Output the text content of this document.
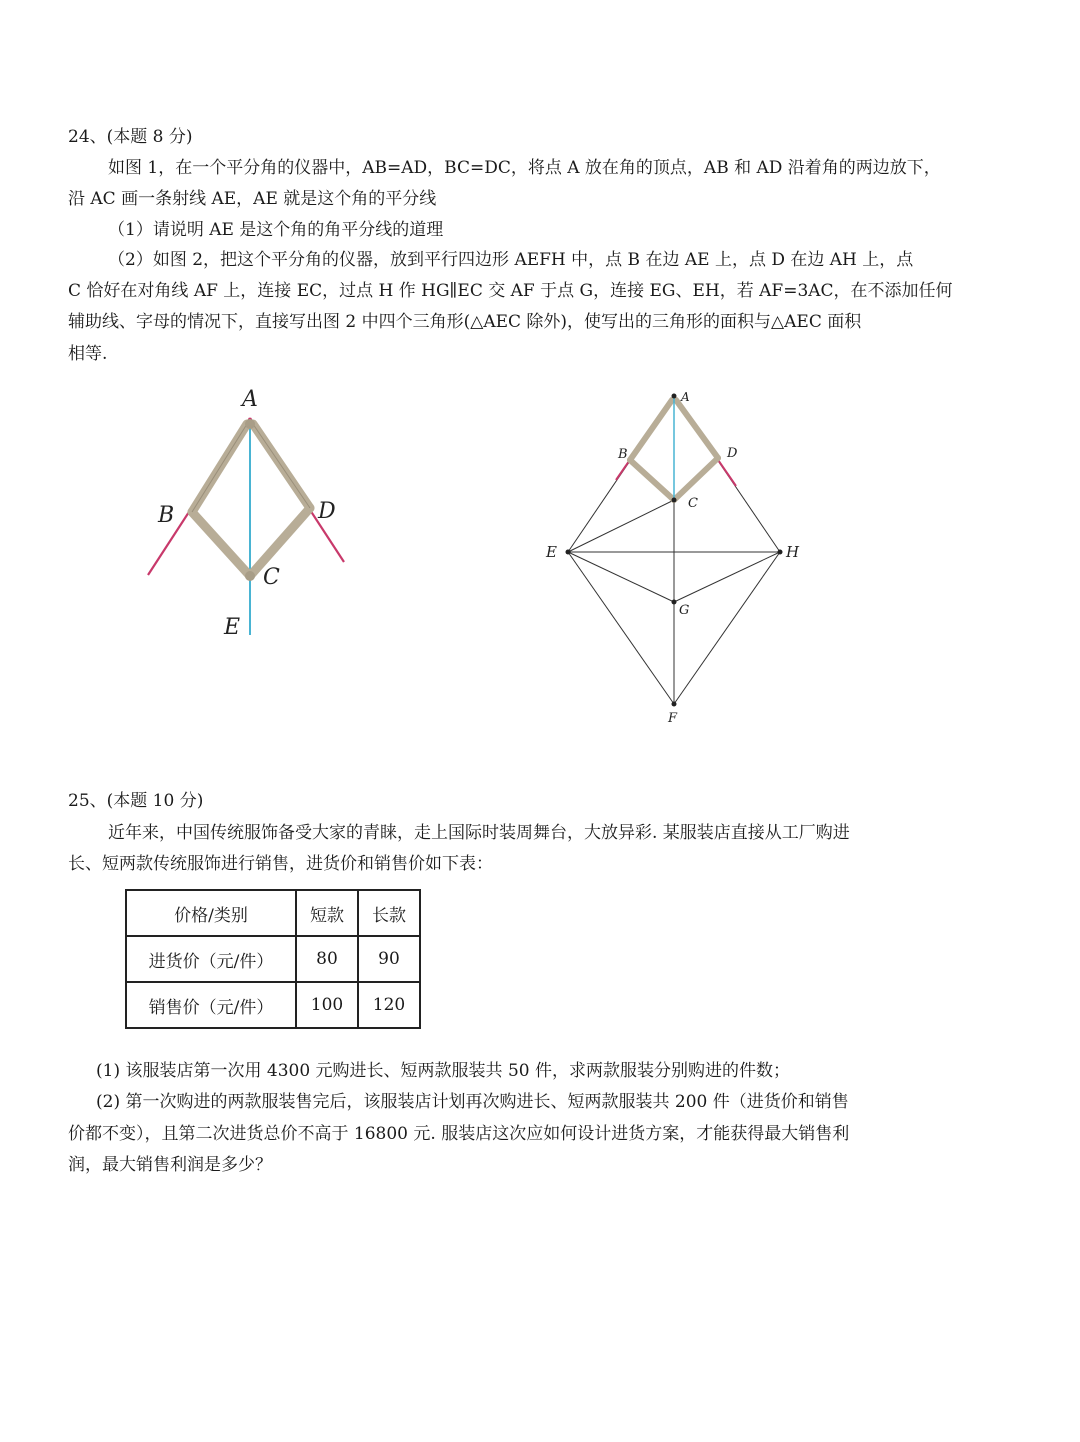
24、(本题 8 分)
如图 1，在一个平分角的仪器中，AB=AD，BC=DC，将点 A 放在角的顶点，AB 和 AD 沿着角的两边放下，
沿 AC 画一条射线 AE，AE 就是这个角的平分线
（1）请说明 AE 是这个角的角平分线的道理
（2）如图 2，把这个平分角的仪器，放到平行四边形 AEFH 中，点 B 在边 AE 上，点 D 在边 AH 上，点
C 恰好在对角线 AF 上，连接 EC，过点 H 作 HG∥EC 交 AF 于点 G，连接 EG、EH，若 AF=3AC，在不添加任何
辅助线、字母的情况下，直接写出图 2 中四个三角形(△AEC 除外)，使写出的三角形的面积与△AEC 面积
相等.
A
B	D
C
E
A
B	D
C
E	H
G
F
25、(本题 10 分)
近年来，中国传统服饰备受大家的青睐，走上国际时装周舞台，大放异彩. 某服装店直接从工厂购进
长、短两款传统服饰进行销售，进货价和销售价如下表：
价格/类别	短款	长款
进货价（元/件）	80	90
销售价（元/件）	100	120
(1) 该服装店第一次用 4300 元购进长、短两款服装共 50 件，求两款服装分别购进的件数；
(2) 第一次购进的两款服装售完后，该服装店计划再次购进长、短两款服装共 200 件（进货价和销售
价都不变），且第二次进货总价不高于 16800 元. 服装店这次应如何设计进货方案，才能获得最大销售利
润，最大销售利润是多少？
